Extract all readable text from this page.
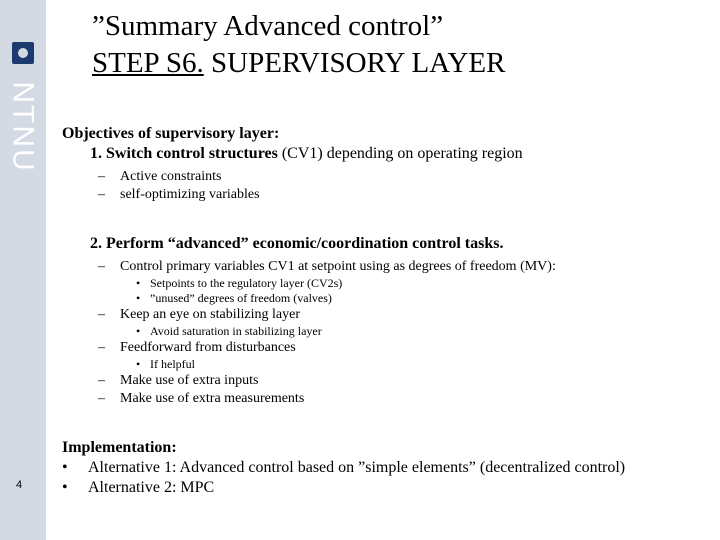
NTNU
”Summary Advanced control”
STEP S6. SUPERVISORY LAYER
Objectives of supervisory layer:
1. Switch control structures (CV1) depending on operating region
– Active constraints
– self-optimizing variables
2. Perform “advanced” economic/coordination control tasks.
– Control primary variables CV1 at setpoint using as degrees of freedom (MV):
• Setpoints to the regulatory layer (CV2s)
• ”unused” degrees of freedom (valves)
– Keep an eye on stabilizing layer
• Avoid saturation in stabilizing layer
– Feedforward from disturbances
• If helpful
– Make use of extra inputs
– Make use of extra measurements
Implementation:
• Alternative 1: Advanced control based on ”simple elements” (decentralized control)
• Alternative 2: MPC
4
